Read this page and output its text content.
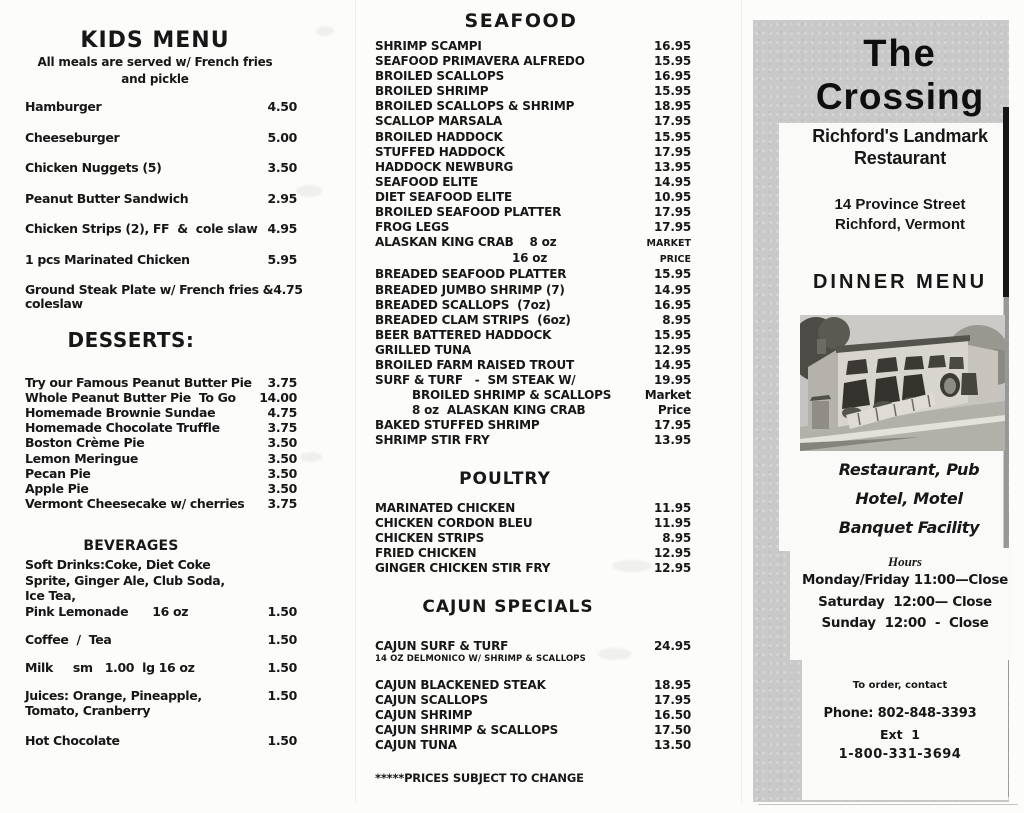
KIDS MENU
All meals are served w/ French fries
and pickle
Hamburger	4.50
Cheeseburger	5.00
Chicken Nuggets (5)	3.50
Peanut Butter Sandwich	2.95
Chicken Strips (2), FF  &  cole slaw 4.95
1 pcs Marinated Chicken	5.95
Ground Steak Plate w/ French fries & 4.75
coleslaw
DESSERTS:
Try our Famous Peanut Butter Pie 3.75
Whole Peanut Butter Pie  To Go 14.00
Homemade Brownie Sundae	4.75
Homemade Chocolate Truffle	3.75
Boston Crème Pie	3.50
Lemon Meringue	3.50
Pecan Pie	3.50
Apple Pie	3.50
Vermont Cheesecake w/ cherries 3.75
BEVERAGES
Soft Drinks:Coke, Diet Coke
Sprite, Ginger Ale, Club Soda,
Ice Tea,
Pink Lemonade      16 oz	1.50
Coffee  /  Tea	1.50
Milk     sm   1.00  lg 16 oz	1.50
Juices: Orange, Pineapple,	1.50
Tomato, Cranberry
Hot Chocolate	1.50
SEAFOOD
SHRIMP SCAMPI	16.95
SEAFOOD PRIMAVERA ALFREDO	15.95
BROILED SCALLOPS	16.95
BROILED SHRIMP	15.95
BROILED SCALLOPS & SHRIMP	18.95
SCALLOP MARSALA	17.95
BROILED HADDOCK	15.95
STUFFED HADDOCK	17.95
HADDOCK NEWBURG	13.95
SEAFOOD ELITE	14.95
DIET SEAFOOD ELITE	10.95
BROILED SEAFOOD PLATTER	17.95
FROG LEGS	17.95
ALASKAN KING CRAB    8 oz	MARKET
16 oz	PRICE
BREADED SEAFOOD PLATTER	15.95
BREADED JUMBO SHRIMP (7)	14.95
BREADED SCALLOPS  (7oz)	16.95
BREADED CLAM STRIPS  (6oz)	8.95
BEER BATTERED HADDOCK	15.95
GRILLED TUNA	12.95
BROILED FARM RAISED TROUT	14.95
SURF & TURF   -  SM STEAK W/	19.95
BROILED SHRIMP & SCALLOPS	Market
8 oz  ALASKAN KING CRAB	Price
BAKED STUFFED SHRIMP	17.95
SHRIMP STIR FRY	13.95
POULTRY
MARINATED CHICKEN	11.95
CHICKEN CORDON BLEU	11.95
CHICKEN STRIPS	8.95
FRIED CHICKEN	12.95
GINGER CHICKEN STIR FRY	12.95
CAJUN SPECIALS
CAJUN SURF & TURF	24.95
14 OZ DELMONICO W/ SHRIMP & SCALLOPS
CAJUN BLACKENED STEAK	18.95
CAJUN SCALLOPS	17.95
CAJUN SHRIMP	16.50
CAJUN SHRIMP & SCALLOPS	17.50
CAJUN TUNA	13.50
*****PRICES SUBJECT TO CHANGE
The
Crossing
Richford's Landmark
Restaurant
14 Province Street
Richford, Vermont
DINNER MENU
Restaurant, Pub
Hotel, Motel
Banquet Facility
Hours
Monday/Friday 11:00—Close
Saturday  12:00— Close
Sunday  12:00  -  Close
To order, contact
Phone: 802-848-3393
Ext  1
1-800-331-3694
